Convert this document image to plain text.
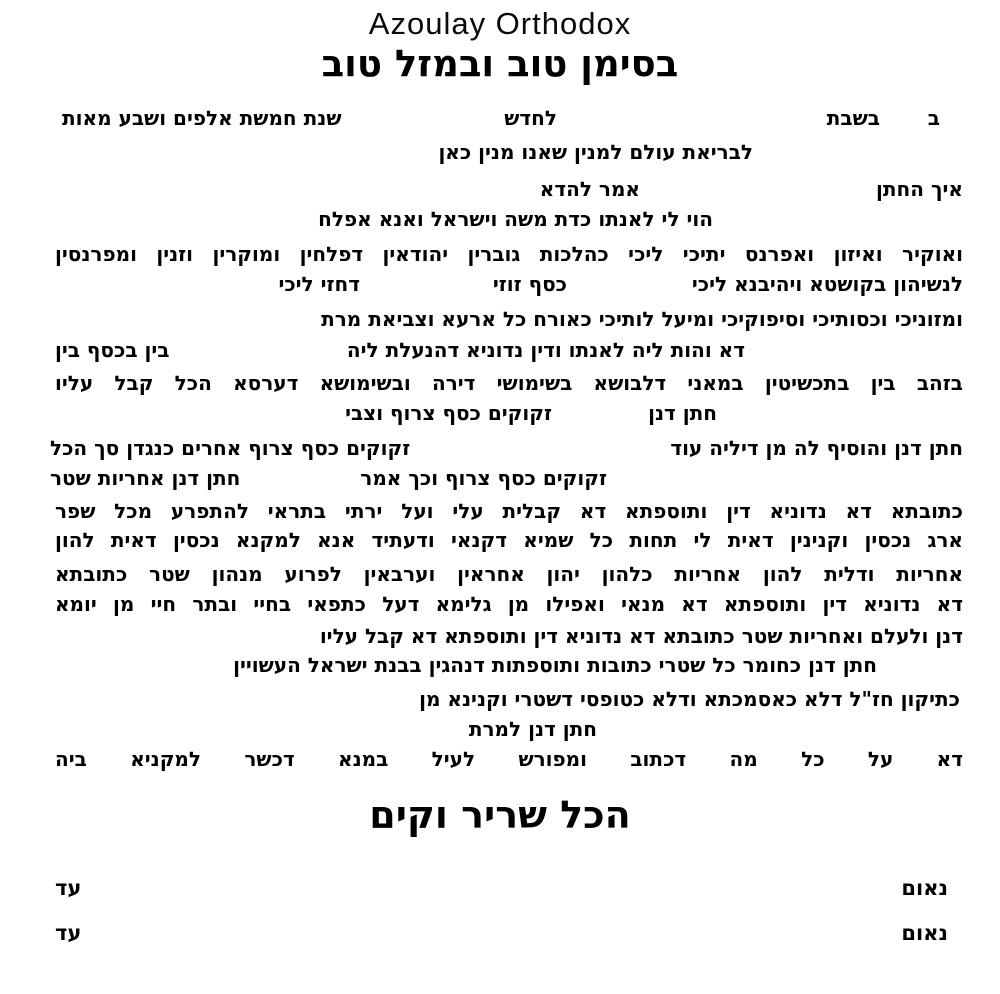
Azoulay Orthodox
בסימן טוב ובמזל טוב
ב
בשבת
לחדש
שנת חמשת אלפים ושבע מאות
לבריאת עולם למנין שאנו מנין כאן
איך החתן
אמר להדא
הוי לי לאנתו כדת משה וישראל ואנא אפלח
ואוקיר ואיזון ואפרנס יתיכי ליכי כהלכות גוברין יהודאין דפלחין ומוקרין וזנין ומפרנסין
לנשיהון בקושטא ויהיבנא ליכי
כסף זוזי
דחזי ליכי
ומזוניכי וכסותיכי וסיפוקיכי ומיעל לותיכי כאורח כל ארעא וצביאת מרת
דא והות ליה לאנתו ודין נדוניא דהנעלת ליה
בין בכסף בין
בזהב בין בתכשיטין במאני דלבושא בשימושי דירה ובשימושא דערסא הכל קבל עליו
חתן דנן
זקוקים כסף צרוף וצבי
חתן דנן והוסיף לה מן דיליה עוד
זקוקים כסף צרוף אחרים כנגדן סך הכל
זקוקים כסף צרוף וכך אמר
חתן דנן אחריות שטר
כתובתא דא נדוניא דין ותוספתא דא קבלית עלי ועל ירתי בתראי להתפרע מכל שפר
ארג נכסין וקנינין דאית לי תחות כל שמיא דקנאי ודעתיד אנא למקנא נכסין דאית להון
אחריות ודלית להון אחריות כלהון יהון אחראין וערבאין לפרוע מנהון שטר כתובתא
דא נדוניא דין ותוספתא דא מנאי ואפילו מן גלימא דעל כתפאי בחיי ובתר חיי מן יומא
דנן ולעלם ואחריות שטר כתובתא דא נדוניא דין ותוספתא דא קבל עליו
חתן דנן כחומר כל שטרי כתובות ותוספתות דנהגין בבנת ישראל העשויין
כתיקון חז"ל דלא כאסמכתא ודלא כטופסי דשטרי וקנינא מן
חתן דנן למרת
דא על כל מה דכתוב ומפורש לעיל במנא דכשר למקניא ביה
הכל שריר וקים
נאום
עד
נאום
עד
